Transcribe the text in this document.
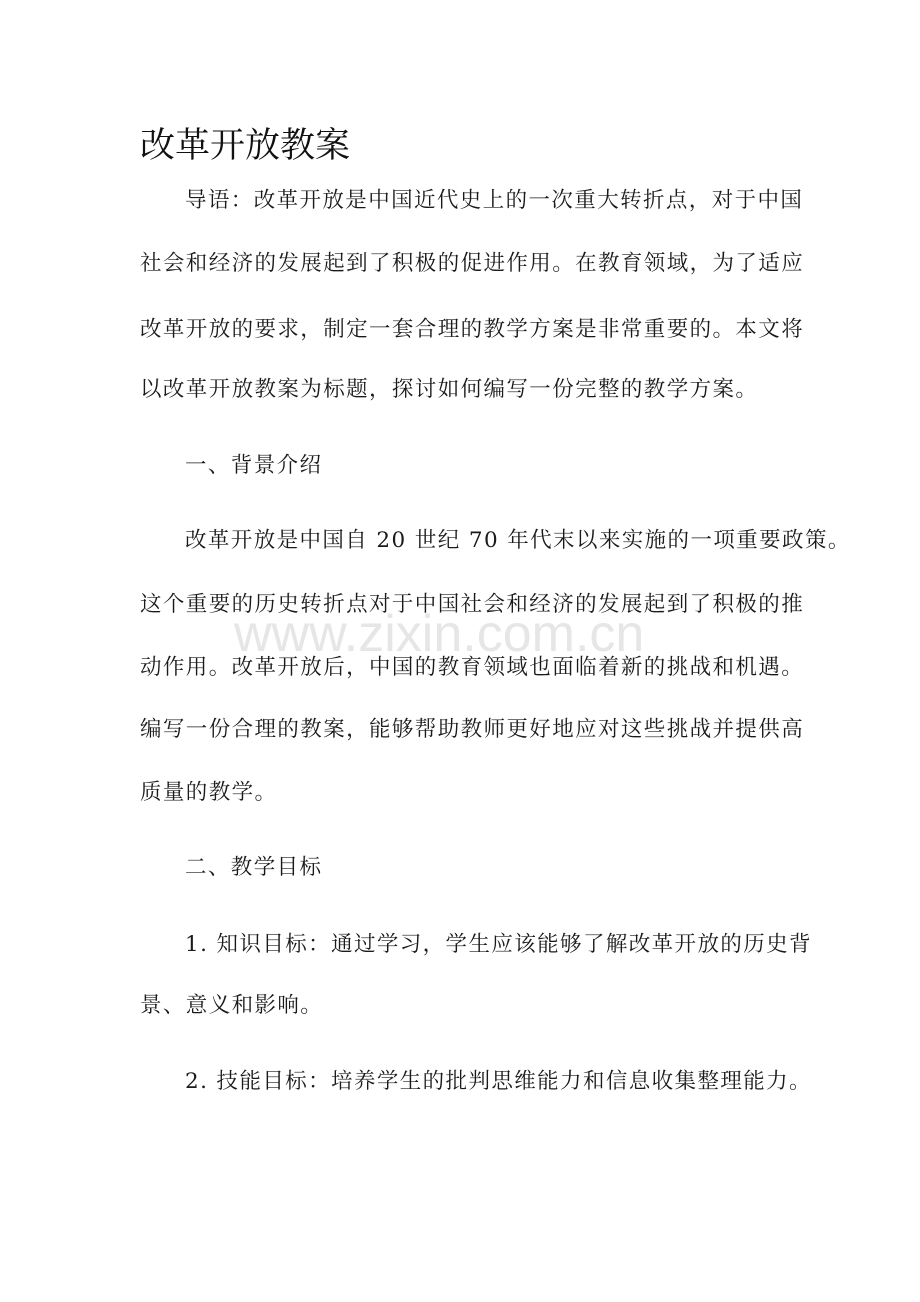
www.zixin.com.cn
改革开放教案
导语：改革开放是中国近代史上的一次重大转折点，对于中国
社会和经济的发展起到了积极的促进作用。在教育领域，为了适应
改革开放的要求，制定一套合理的教学方案是非常重要的。本文将
以改革开放教案为标题，探讨如何编写一份完整的教学方案。
一、背景介绍
改革开放是中国自 20 世纪 70 年代末以来实施的一项重要政策。
这个重要的历史转折点对于中国社会和经济的发展起到了积极的推
动作用。改革开放后，中国的教育领域也面临着新的挑战和机遇。
编写一份合理的教案，能够帮助教师更好地应对这些挑战并提供高
质量的教学。
二、教学目标
1. 知识目标：通过学习，学生应该能够了解改革开放的历史背
景、意义和影响。
2. 技能目标：培养学生的批判思维能力和信息收集整理能力。
